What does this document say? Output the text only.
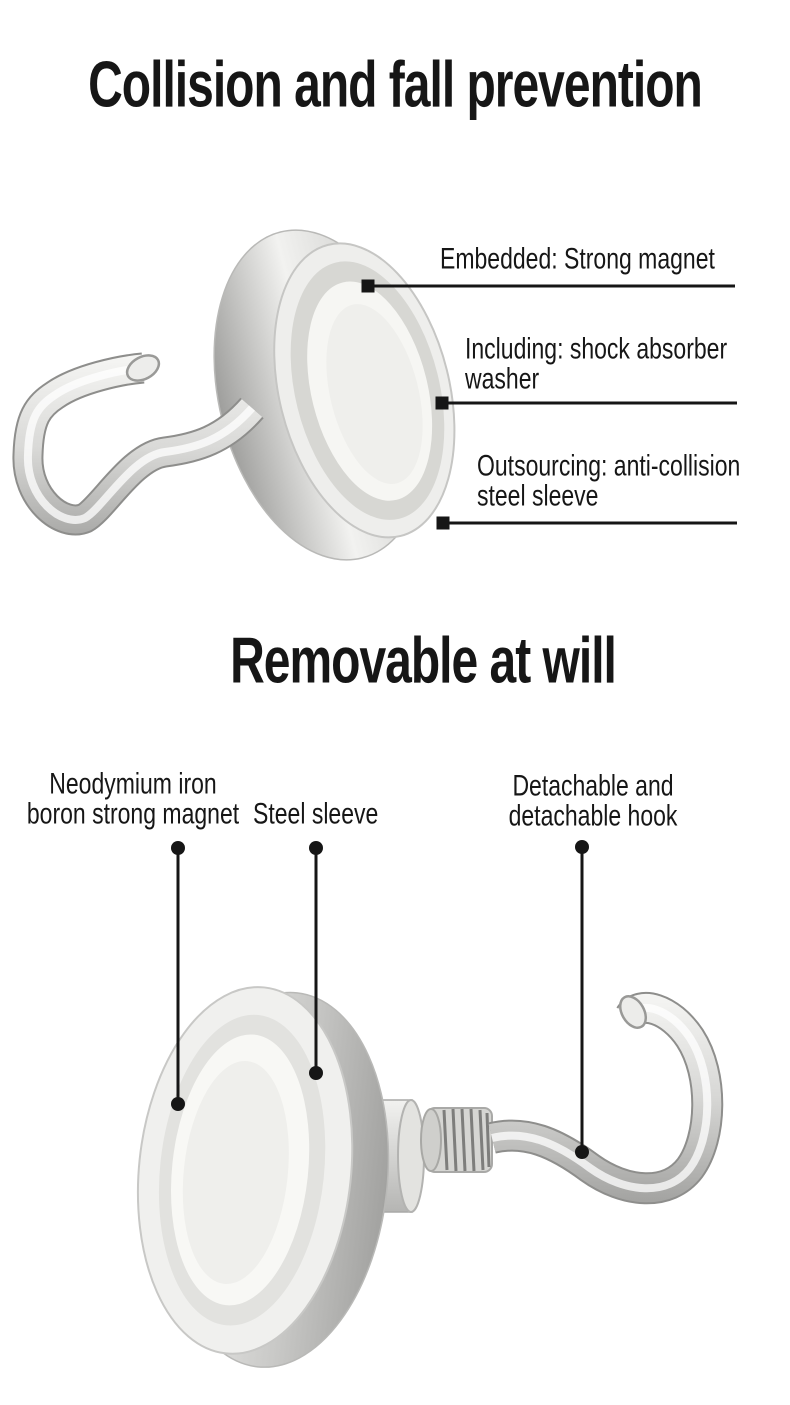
Collision and fall prevention
Removable at will
Embedded: Strong magnet
Including: shock absorber washer
Outsourcing: anti-collision steel sleeve
Neodymium iron boron strong magnet Steel sleeve
Detachable and detachable hook
